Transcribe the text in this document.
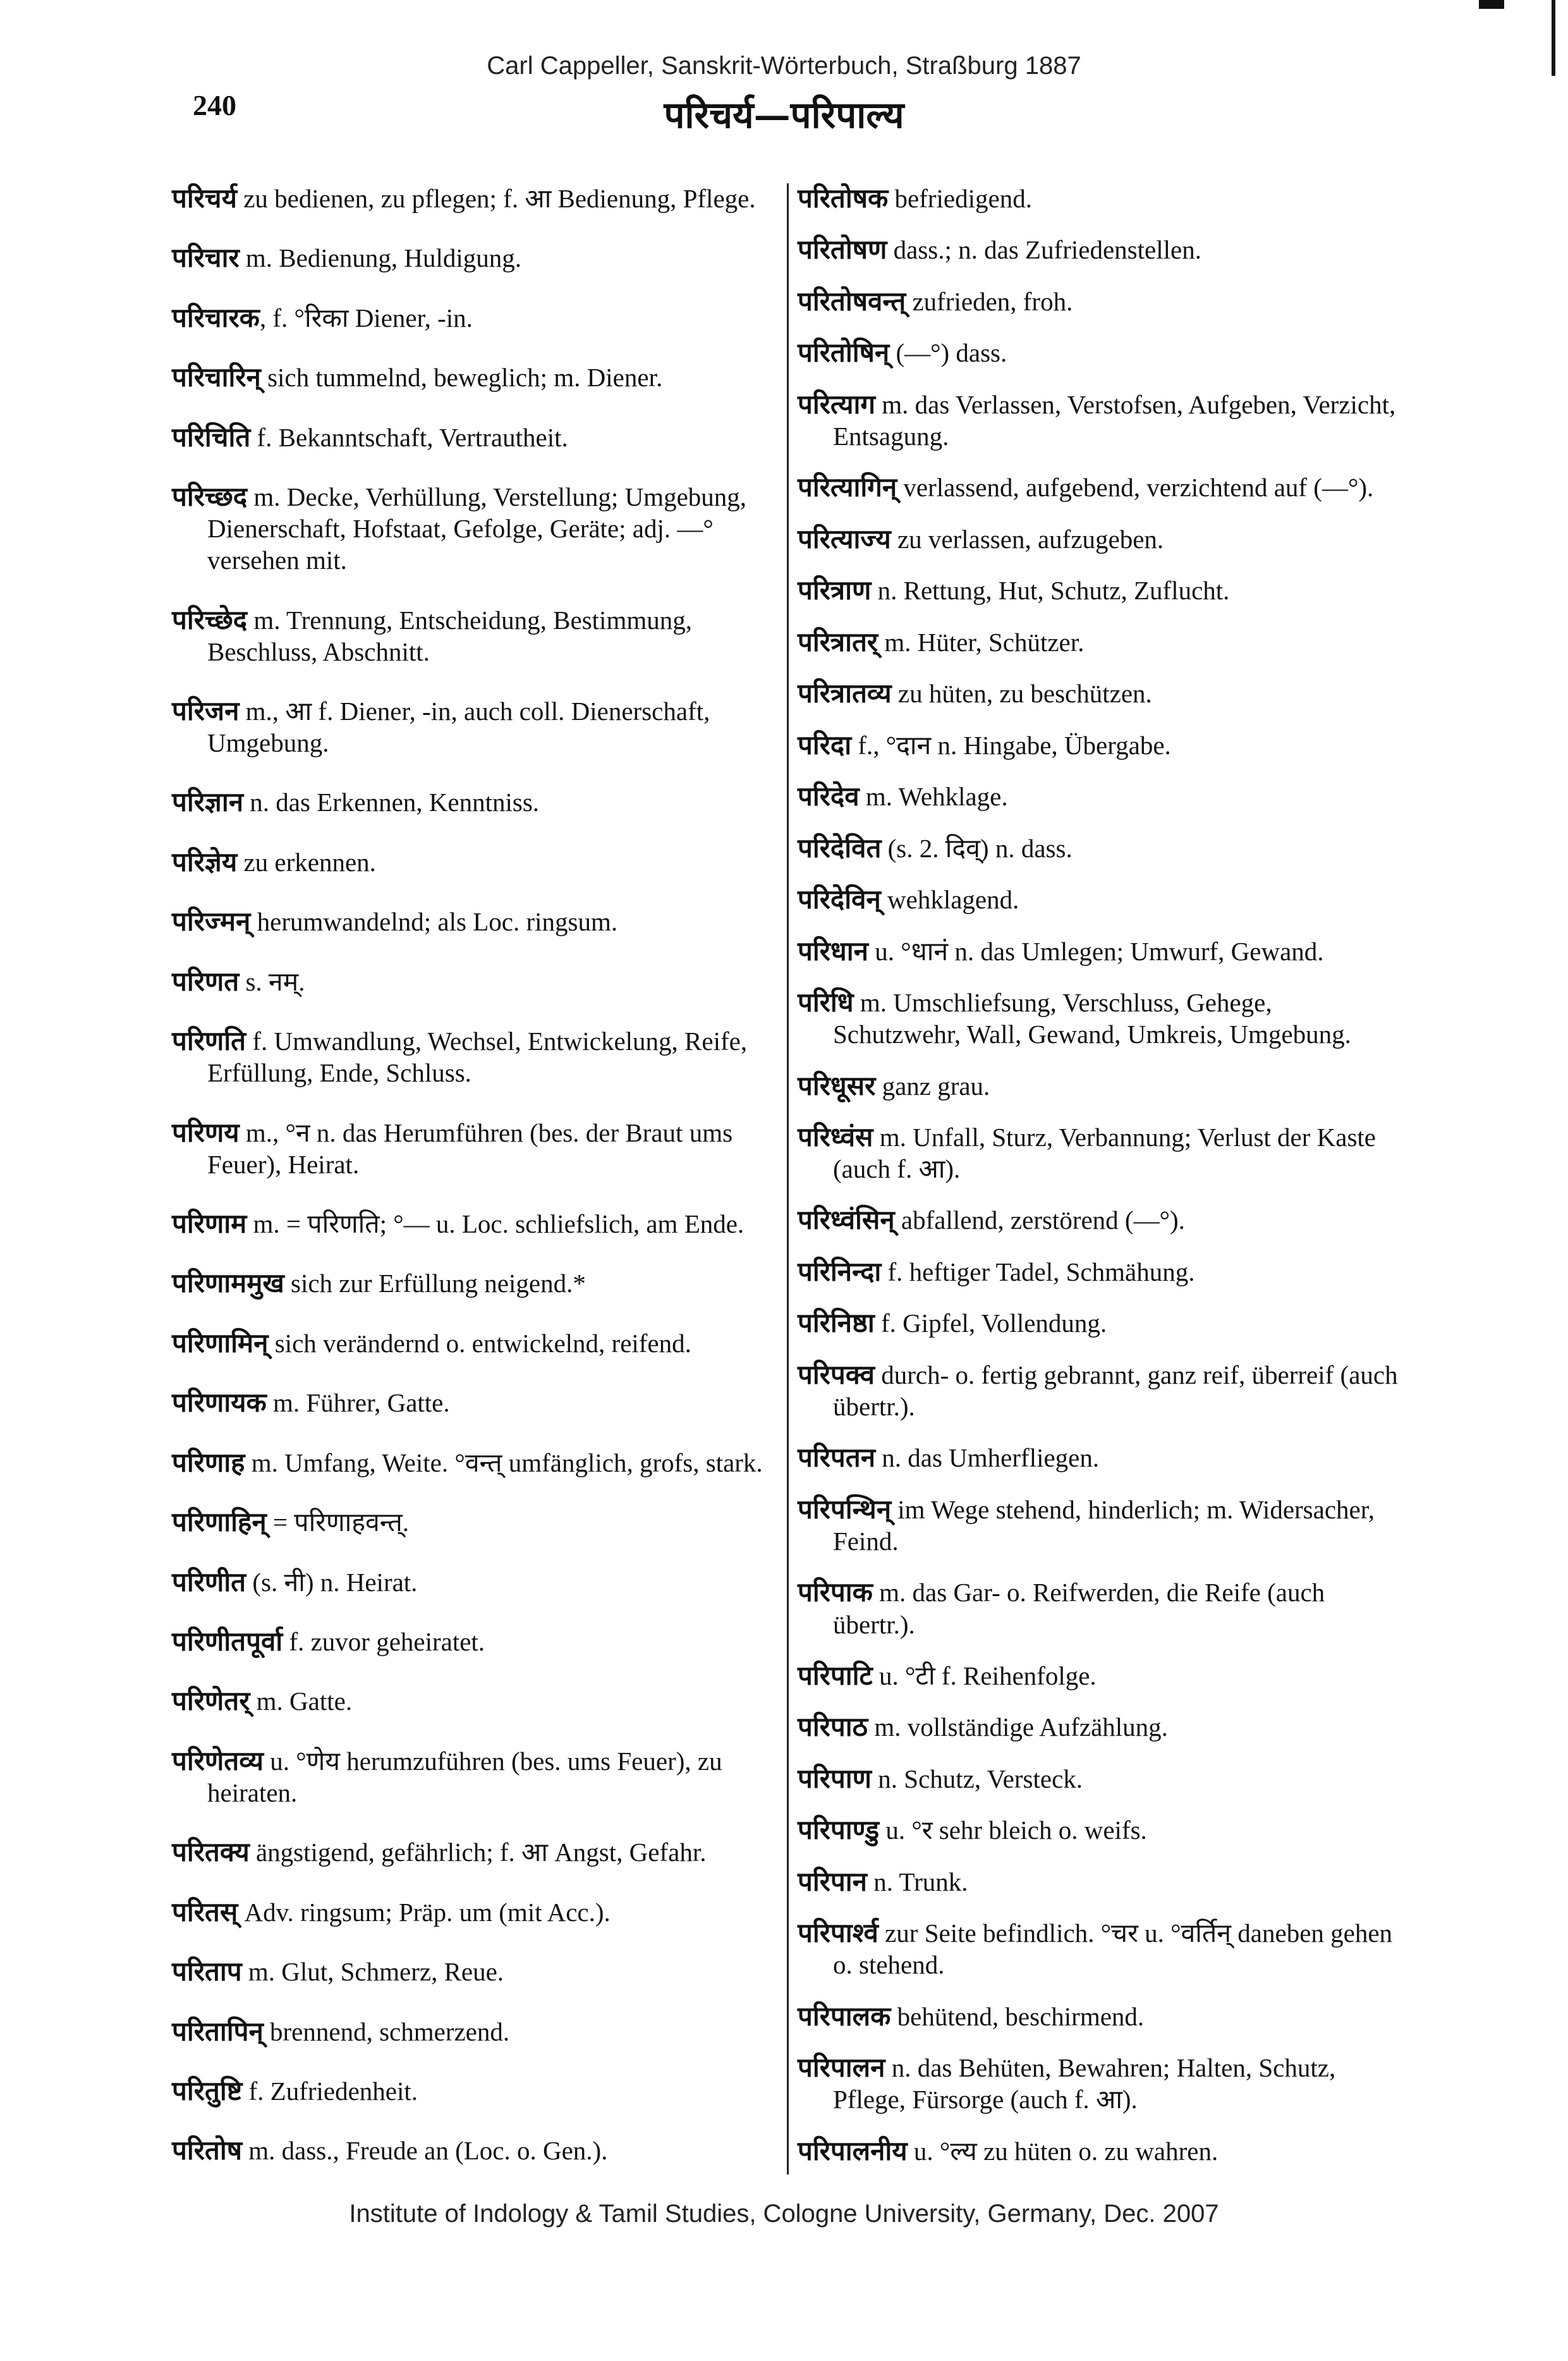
Carl Cappeller, Sanskrit-Wörterbuch, Straßburg 1887
240	परिचर्य—परिपाल्य
परिचर्य zu bedienen, zu pflegen; f. आ Bedienung, Pflege.
परिचार m. Bedienung, Huldigung.
परिचारक, f. °रिका Diener, -in.
परिचारिन् sich tummelnd, beweglich; m. Diener.
परिचिति f. Bekanntschaft, Vertrautheit.
परिच्छद m. Decke, Verhüllung, Verstellung; Umgebung, Dienerschaft, Hofstaat, Gefolge, Geräte; adj. —° versehen mit.
परिच्छेद m. Trennung, Entscheidung, Bestimmung, Beschluss, Abschnitt.
परिजन m., आ f. Diener, -in, auch coll. Dienerschaft, Umgebung.
परिज्ञान n. das Erkennen, Kenntniss.
परिज्ञेय zu erkennen.
परिज्मन् herumwandelnd; als Loc. ringsum.
परिणत s. नम्.
परिणति f. Umwandlung, Wechsel, Entwickelung, Reife, Erfüllung, Ende, Schluss.
परिणय m., °न n. das Herumführen (bes. der Braut ums Feuer), Heirat.
परिणाम m. = परिणति; °— u. Loc. schliefslich, am Ende.
परिणाममुख sich zur Erfüllung neigend.*
परिणामिन् sich verändernd o. entwickelnd, reifend.
परिणायक m. Führer, Gatte.
परिणाह m. Umfang, Weite. °वन्त् umfänglich, grofs, stark.
परिणाहिन् = परिणाहवन्त्.
परिणीत (s. नी) n. Heirat.
परिणीतपूर्वा f. zuvor geheiratet.
परिणेतर् m. Gatte.
परिणेतव्य u. °णेय herumzuführen (bes. ums Feuer), zu heiraten.
परितक्य ängstigend, gefährlich; f. आ Angst, Gefahr.
परितस् Adv. ringsum; Präp. um (mit Acc.).
परिताप m. Glut, Schmerz, Reue.
परितापिन् brennend, schmerzend.
परितुष्टि f. Zufriedenheit.
परितोष m. dass., Freude an (Loc. o. Gen.).
परितोषक befriedigend.
परितोषण dass.; n. das Zufriedenstellen.
परितोषवन्त् zufrieden, froh.
परितोषिन् (—°) dass.
परित्याग m. das Verlassen, Verstofsen, Aufgeben, Verzicht, Entsagung.
परित्यागिन् verlassend, aufgebend, verzichtend auf (—°).
परित्याज्य zu verlassen, aufzugeben.
परित्राण n. Rettung, Hut, Schutz, Zuflucht.
परित्रातर् m. Hüter, Schützer.
परित्रातव्य zu hüten, zu beschützen.
परिदा f., °दान n. Hingabe, Übergabe.
परिदेव m. Wehklage.
परिदेवित (s. 2. दिव्) n. dass.
परिदेविन् wehklagend.
परिधान u. °धानं n. das Umlegen; Umwurf, Gewand.
परिधि m. Umschliefsung, Verschluss, Gehege, Schutzwehr, Wall, Gewand, Umkreis, Umgebung.
परिधूसर ganz grau.
परिध्वंस m. Unfall, Sturz, Verbannung; Verlust der Kaste (auch f. आ).
परिध्वंसिन् abfallend, zerstörend (—°).
परिनिन्दा f. heftiger Tadel, Schmähung.
परिनिष्ठा f. Gipfel, Vollendung.
परिपक्व durch- o. fertig gebrannt, ganz reif, überreif (auch übertr.).
परिपतन n. das Umherfliegen.
परिपन्थिन् im Wege stehend, hinderlich; m. Widersacher, Feind.
परिपाक m. das Gar- o. Reifwerden, die Reife (auch übertr.).
परिपाटि u. °टी f. Reihenfolge.
परिपाठ m. vollständige Aufzählung.
परिपाण n. Schutz, Versteck.
परिपाण्डु u. °र sehr bleich o. weifs.
परिपान n. Trunk.
परिपार्श्व zur Seite befindlich. °चर u. °वर्तिन् daneben gehen o. stehend.
परिपालक behütend, beschirmend.
परिपालन n. das Behüten, Bewahren; Halten, Schutz, Pflege, Fürsorge (auch f. आ).
परिपालनीय u. °ल्य zu hüten o. zu wahren.
Institute of Indology & Tamil Studies, Cologne University, Germany, Dec. 2007
